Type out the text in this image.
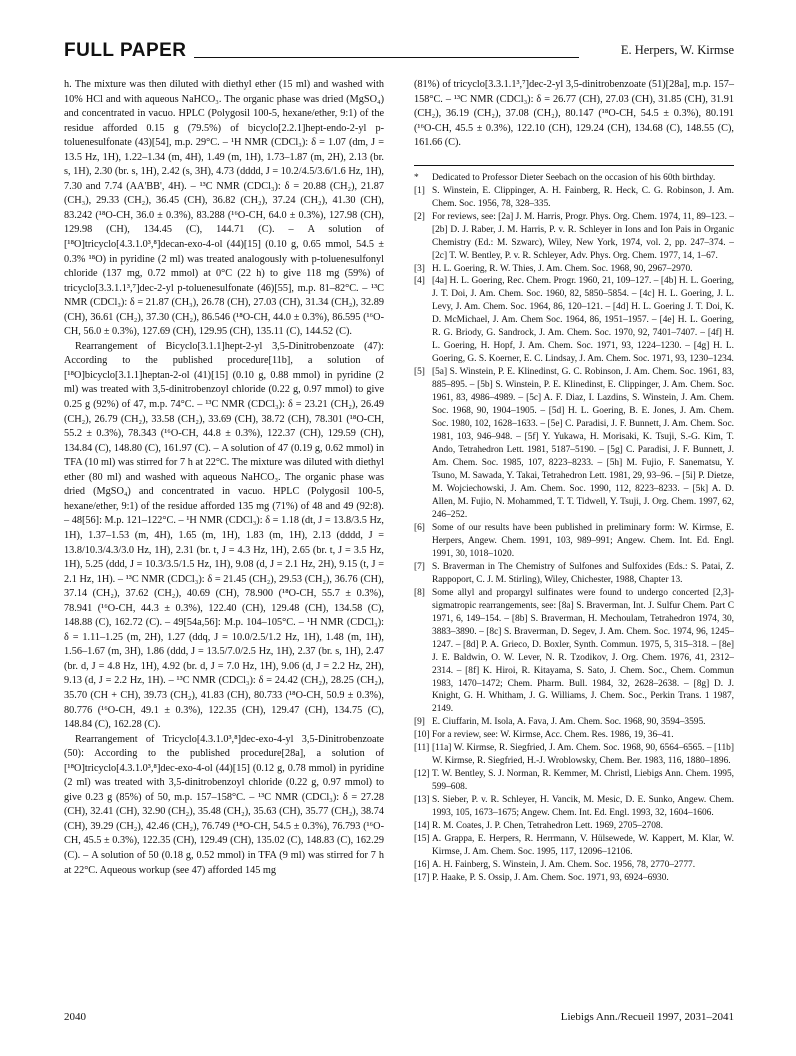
FULL PAPER	E. Herpers, W. Kirmse

h. The mixture was then diluted with diethyl ether (15 ml) and washed with 10% HCl and with aqueous NaHCO₃. The organic phase was dried (MgSO₄) and concentrated in vacuo. HPLC (Polygosil 100-5, hexane/ether, 9:1) of the residue afforded 0.15 g (79.5%) of bicyclo[2.2.1]hept-endo-2-yl p-toluenesulfonate (43)[54], m.p. 29°C. – ¹H NMR (CDCl₃): δ = 1.07 (dm, J = 13.5 Hz, 1H), 1.22–1.34 (m, 4H), 1.49 (m, 1H), 1.73–1.87 (m, 2H), 2.13 (br. s, 1H), 2.30 (br. s, 1H), 2.42 (s, 3H), 4.73 (dddd, J = 10.2/4.5/3.6/1.6 Hz, 1H), 7.30 and 7.74 (AA'BB', 4H). – ¹³C NMR (CDCl₃): δ = 20.88 (CH₂), 21.87 (CH₃), 29.33 (CH₂), 36.45 (CH), 36.82 (CH₂), 37.24 (CH₂), 41.30 (CH), 83.242 (¹⁸O-CH, 36.0 ± 0.3%), 83.288 (¹⁶O-CH, 64.0 ± 0.3%), 127.98 (CH), 129.98 (CH), 134.45 (C), 144.71 (C). – A solution of [¹⁸O]tricyclo[4.3.1.0³,⁸]decan-exo-4-ol (44)[15] (0.10 g, 0.65 mmol, 54.5 ± 0.3% ¹⁸O) in pyridine (2 ml) was treated analogously with p-toluenesulfonyl chloride (137 mg, 0.72 mmol) at 0°C (22 h) to give 118 mg (59%) of tricyclo[3.3.1.1³,⁷]dec-2-yl p-toluenesulfonate (46)[55], m.p. 81–82°C. – ¹³C NMR (CDCl₃): δ = 21.87 (CH₃), 26.78 (CH), 27.03 (CH), 31.34 (CH₂), 32.89 (CH), 36.61 (CH₂), 37.30 (CH₂), 86.546 (¹⁸O-CH, 44.0 ± 0.3%), 86.595 (¹⁶O-CH, 56.0 ± 0.3%), 127.69 (CH), 129.95 (CH), 135.11 (C), 144.52 (C).

Rearrangement of Bicyclo[3.1.1]hept-2-yl 3,5-Dinitrobenzoate (47): According to the published procedure[11b], a solution of [¹⁸O]bicyclo[3.1.1]heptan-2-ol (41)[15] (0.10 g, 0.88 mmol) in pyridine (2 ml) was treated with 3,5-dinitrobenzoyl chloride (0.22 g, 0.97 mmol) to give 0.25 g (92%) of 47, m.p. 74°C. – ¹³C NMR (CDCl₃): δ = 23.21 (CH₂), 26.49 (CH₂), 26.79 (CH₂), 33.58 (CH₂), 33.69 (CH), 38.72 (CH), 78.301 (¹⁸O-CH, 55.2 ± 0.3%), 78.343 (¹⁶O-CH, 44.8 ± 0.3%), 122.37 (CH), 129.59 (CH), 134.84 (C), 148.80 (C), 161.97 (C). – A solution of 47 (0.19 g, 0.62 mmol) in TFA (10 ml) was stirred for 7 h at 22°C. The mixture was diluted with diethyl ether (80 ml) and washed with aqueous NaHCO₃. The organic phase was dried (MgSO₄) and concentrated in vacuo. HPLC (Polygosil 100-5, hexane/ether, 9:1) of the residue afforded 135 mg (71%) of 48 and 49 (92:8). – 48[56]: M.p. 121–122°C. – ¹H NMR (CDCl₃): δ = 1.18 (dt, J = 13.8/3.5 Hz, 1H), 1.37–1.53 (m, 4H), 1.65 (m, 1H), 1.83 (m, 1H), 2.13 (dddd, J = 13.8/10.3/4.3/3.0 Hz, 1H), 2.31 (br. t, J = 4.3 Hz, 1H), 2.65 (br. t, J = 3.5 Hz, 1H), 5.25 (ddd, J = 10.3/3.5/1.5 Hz, 1H), 9.08 (d, J = 2.1 Hz, 2H), 9.15 (t, J = 2.1 Hz, 1H). – ¹³C NMR (CDCl₃): δ = 21.45 (CH₂), 29.53 (CH₂), 36.76 (CH), 37.14 (CH₂), 37.62 (CH₂), 40.69 (CH), 78.900 (¹⁸O-CH, 55.7 ± 0.3%), 78.941 (¹⁶O-CH, 44.3 ± 0.3%), 122.40 (CH), 129.48 (CH), 134.58 (C), 148.88 (C), 162.72 (C). – 49[54a,56]: M.p. 104–105°C. – ¹H NMR (CDCl₃): δ = 1.11–1.25 (m, 2H), 1.27 (ddq, J = 10.0/2.5/1.2 Hz, 1H), 1.48 (m, 1H), 1.56–1.67 (m, 3H), 1.86 (ddd, J = 13.5/7.0/2.5 Hz, 1H), 2.37 (br. s, 1H), 2.47 (br. d, J = 4.8 Hz, 1H), 4.92 (br. d, J = 7.0 Hz, 1H), 9.06 (d, J = 2.2 Hz, 2H), 9.13 (d, J = 2.2 Hz, 1H). – ¹³C NMR (CDCl₃): δ = 24.42 (CH₂), 28.25 (CH₂), 35.70 (CH + CH), 39.73 (CH₂), 41.83 (CH), 80.733 (¹⁸O-CH, 50.9 ± 0.3%), 80.776 (¹⁶O-CH, 49.1 ± 0.3%), 122.35 (CH), 129.47 (CH), 134.75 (C), 148.84 (C), 162.28 (C).

Rearrangement of Tricyclo[4.3.1.0³,⁸]dec-exo-4-yl 3,5-Dinitrobenzoate (50): According to the published procedure[28a], a solution of [¹⁸O]tricyclo[4.3.1.0³,⁸]dec-exo-4-ol (44)[15] (0.12 g, 0.78 mmol) in pyridine (2 ml) was treated with 3,5-dinitrobenzoyl chloride (0.22 g, 0.97 mmol) to give 0.23 g (85%) of 50, m.p. 157–158°C. – ¹³C NMR (CDCl₃): δ = 27.28 (CH), 32.41 (CH), 32.90 (CH₂), 35.48 (CH₂), 35.63 (CH), 35.77 (CH₂), 38.74 (CH), 39.29 (CH₂), 42.46 (CH₂), 76.749 (¹⁸O-CH, 54.5 ± 0.3%), 76.793 (¹⁶O-CH, 45.5 ± 0.3%), 122.35 (CH), 129.49 (CH), 135.02 (C), 148.83 (C), 162.29 (C). – A solution of 50 (0.18 g, 0.52 mmol) in TFA (9 ml) was stirred for 7 h at 22°C. Aqueous workup (see 47) afforded 145 mg

(81%) of tricyclo[3.3.1.1³,⁷]dec-2-yl 3,5-dinitrobenzoate (51)[28a], m.p. 157–158°C. – ¹³C NMR (CDCl₃): δ = 26.77 (CH), 27.03 (CH), 31.85 (CH), 31.91 (CH₂), 36.19 (CH₂), 37.08 (CH₂), 80.147 (¹⁸O-CH, 54.5 ± 0.3%), 80.191 (¹⁶O-CH, 45.5 ± 0.3%), 122.10 (CH), 129.24 (CH), 134.68 (C), 148.55 (C), 161.66 (C).

*	Dedicated to Professor Dieter Seebach on the occasion of his 60th birthday.
[1] S. Winstein, E. Clippinger, A. H. Fainberg, R. Heck, C. G. Robinson, J. Am. Chem. Soc. 1956, 78, 328–335.
[2] For reviews, see: [2a] J. M. Harris, Progr. Phys. Org. Chem. 1974, 11, 89–123. – [2b] D. J. Raber, J. M. Harris, P. v. R. Schleyer in Ions and Ion Pais in Organic Chemistry (Ed.: M. Szwarc), Wiley, New York, 1974, vol. 2, pp. 247–374. – [2c] T. W. Bentley, P. v. R. Schleyer, Adv. Phys. Org. Chem. 1977, 14, 1–67.
[3] H. L. Goering, R. W. Thies, J. Am. Chem. Soc. 1968, 90, 2967–2970.
[4] [4a] H. L. Goering, Rec. Chem. Progr. 1960, 21, 109–127. – [4b] H. L. Goering, J. T. Doi, J. Am. Chem. Soc. 1960, 82, 5850–5854. – [4c] H. L. Goering, J. L. Levy, J. Am. Chem. Soc. 1964, 86, 120–121. – [4d] H. L. Goering J. T. Doi, K. D. McMichael, J. Am. Chem Soc. 1964, 86, 1951–1957. – [4e] H. L. Goering, R. G. Briody, G. Sandrock, J. Am. Chem. Soc. 1970, 92, 7401–7407. – [4f] H. L. Goering, H. Hopf, J. Am. Chem. Soc. 1971, 93, 1224–1230. – [4g] H. L. Goering, G. S. Koerner, E. C. Lindsay, J. Am. Chem. Soc. 1971, 93, 1230–1234.
[5] [5a] S. Winstein, P. E. Klinedinst, G. C. Robinson, J. Am. Chem. Soc. 1961, 83, 885–895. – [5b] S. Winstein, P. E. Klinedinst, E. Clippinger, J. Am. Chem. Soc. 1961, 83, 4986–4989. – [5c] A. F. Diaz, I. Lazdins, S. Winstein, J. Am. Chem. Soc. 1968, 90, 1904–1905. – [5d] H. L. Goering, B. E. Jones, J. Am. Chem. Soc. 1980, 102, 1628–1633. – [5e] C. Paradisi, J. F. Bunnett, J. Am. Chem. Soc. 1981, 103, 946–948. – [5f] Y. Yukawa, H. Morisaki, K. Tsuji, S.-G. Kim, T. Ando, Tetrahedron Lett. 1981, 5187–5190. – [5g] C. Paradisi, J. F. Bunnett, J. Am. Chem. Soc. 1985, 107, 8223–8233. – [5h] M. Fujio, F. Sanematsu, Y. Tsuno, M. Sawada, Y. Takai, Tetrahedron Lett. 1981, 29, 93–96. – [5i] P. Dietze, M. Wojciechowski, J. Am. Chem. Soc. 1990, 112, 8223–8233. – [5k] A. D. Allen, M. Fujio, N. Mohammed, T. T. Tidwell, Y. Tsuji, J. Org. Chem. 1997, 62, 246–252.
[6] Some of our results have been published in preliminary form: W. Kirmse, E. Herpers, Angew. Chem. 1991, 103, 989–991; Angew. Chem. Int. Ed. Engl. 1991, 30, 1018–1020.
[7] S. Braverman in The Chemistry of Sulfones and Sulfoxides (Eds.: S. Patai, Z. Rappoport, C. J. M. Stirling), Wiley, Chichester, 1988, Chapter 13.
[8] Some allyl and propargyl sulfinates were found to undergo concerted [2,3]-sigmatropic rearrangements, see: [8a] S. Braverman, Int. J. Sulfur Chem. Part C 1971, 6, 149–154. – [8b] S. Braverman, H. Mechoulam, Tetrahedron 1974, 30, 3883–3890. – [8c] S. Braverman, D. Segev, J. Am. Chem. Soc. 1974, 96, 1245–1247. – [8d] P. A. Grieco, D. Boxler, Synth. Commun. 1975, 5, 315–318. – [8e] J. E. Baldwin, O. W. Lever, N. R. Tzodikov, J. Org. Chem. 1976, 41, 2312–2314. – [8f] K. Hiroi, R. Kitayama, S. Sato, J. Chem. Soc., Chem. Commun 1983, 1470–1472; Chem. Pharm. Bull. 1984, 32, 2628–2638. – [8g] D. J. Knight, G. H. Whitham, J. G. Williams, J. Chem. Soc., Perkin Trans. 1 1987, 2149.
[9] E. Ciuffarin, M. Isola, A. Fava, J. Am. Chem. Soc. 1968, 90, 3594–3595.
[10] For a review, see: W. Kirmse, Acc. Chem. Res. 1986, 19, 36–41.
[11] [11a] W. Kirmse, R. Siegfried, J. Am. Chem. Soc. 1968, 90, 6564–6565. – [11b] W. Kirmse, R. Siegfried, H.-J. Wroblowsky, Chem. Ber. 1983, 116, 1880–1896.
[12] T. W. Bentley, S. J. Norman, R. Kemmer, M. Christl, Liebigs Ann. Chem. 1995, 599–608.
[13] S. Sieber, P. v. R. Schleyer, H. Vancik, M. Mesic, D. E. Sunko, Angew. Chem. 1993, 105, 1673–1675; Angew. Chem. Int. Ed. Engl. 1993, 32, 1604–1606.
[14] R. M. Coates, J. P. Chen, Tetrahedron Lett. 1969, 2705–2708.
[15] A. Grappa, E. Herpers, R. Herrmann, V. Hülsewede, W. Kappert, M. Klar, W. Kirmse, J. Am. Chem. Soc. 1995, 117, 12096–12106.
[16] A. H. Fainberg, S. Winstein, J. Am. Chem. Soc. 1956, 78, 2770–2777.
[17] P. Haake, P. S. Ossip, J. Am. Chem. Soc. 1971, 93, 6924–6930.
2040	Liebigs Ann./Recueil 1997, 2031–2041
